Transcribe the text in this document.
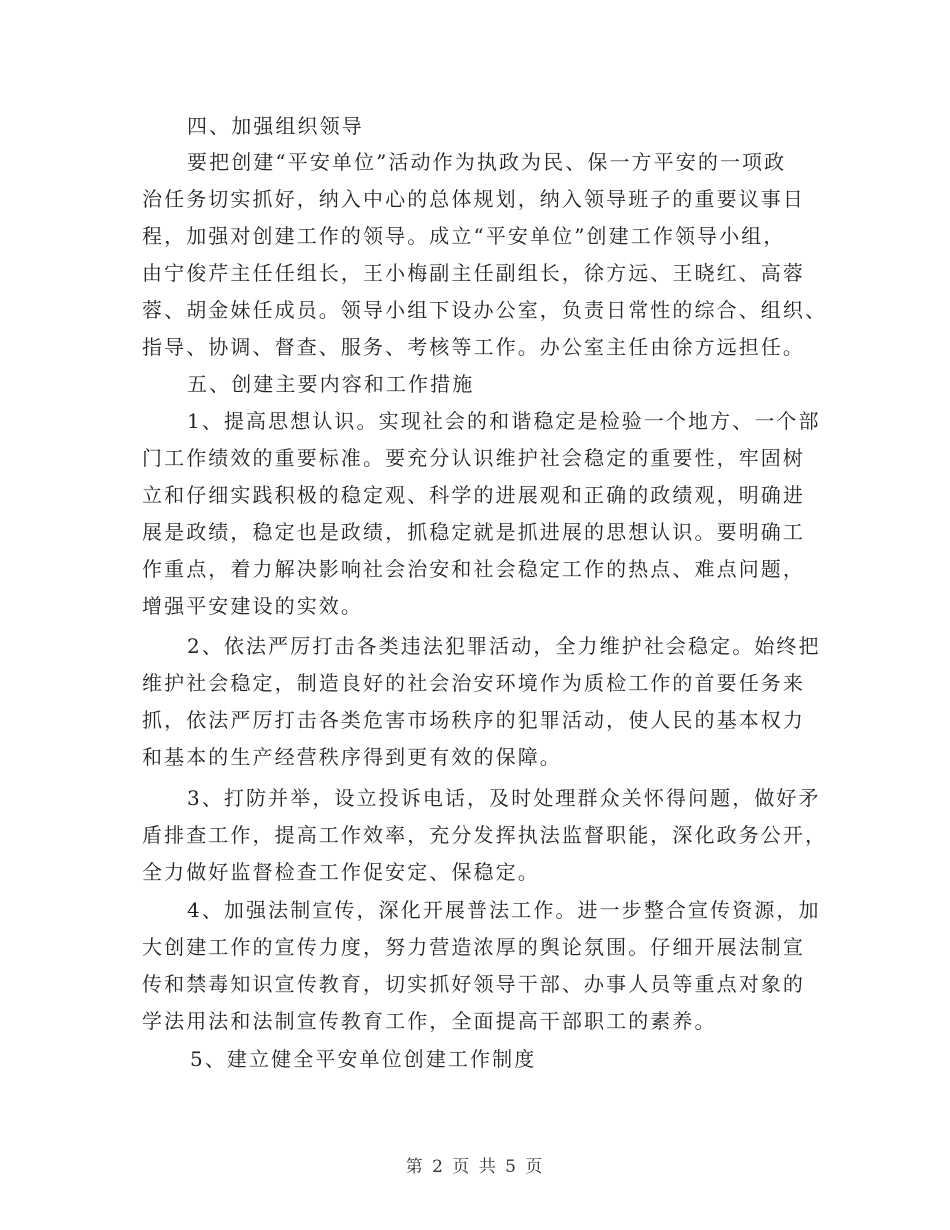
四、加强组织领导
要把创建“平安单位”活动作为执政为民、保一方平安的一项政
治任务切实抓好，纳入中心的总体规划，纳入领导班子的重要议事日
程，加强对创建工作的领导。成立“平安单位”创建工作领导小组，
由宁俊芹主任任组长，王小梅副主任副组长，徐方远、王晓红、高蓉
蓉、胡金妹任成员。领导小组下设办公室，负责日常性的综合、组织、
指导、协调、督查、服务、考核等工作。办公室主任由徐方远担任。
五、创建主要内容和工作措施
1、提高思想认识。实现社会的和谐稳定是检验一个地方、一个部
门工作绩效的重要标准。要充分认识维护社会稳定的重要性，牢固树
立和仔细实践积极的稳定观、科学的进展观和正确的政绩观，明确进
展是政绩，稳定也是政绩，抓稳定就是抓进展的思想认识。要明确工
作重点，着力解决影响社会治安和社会稳定工作的热点、难点问题，
增强平安建设的实效。
2、依法严厉打击各类违法犯罪活动，全力维护社会稳定。始终把
维护社会稳定，制造良好的社会治安环境作为质检工作的首要任务来
抓，依法严厉打击各类危害市场秩序的犯罪活动，使人民的基本权力
和基本的生产经营秩序得到更有效的保障。
3、打防并举，设立投诉电话，及时处理群众关怀得问题，做好矛
盾排查工作，提高工作效率，充分发挥执法监督职能，深化政务公开，
全力做好监督检查工作促安定、保稳定。
4、加强法制宣传，深化开展普法工作。进一步整合宣传资源，加
大创建工作的宣传力度，努力营造浓厚的舆论氛围。仔细开展法制宣
传和禁毒知识宣传教育，切实抓好领导干部、办事人员等重点对象的
学法用法和法制宣传教育工作，全面提高干部职工的素养。
5、建立健全平安单位创建工作制度
第 2 页 共 5 页
